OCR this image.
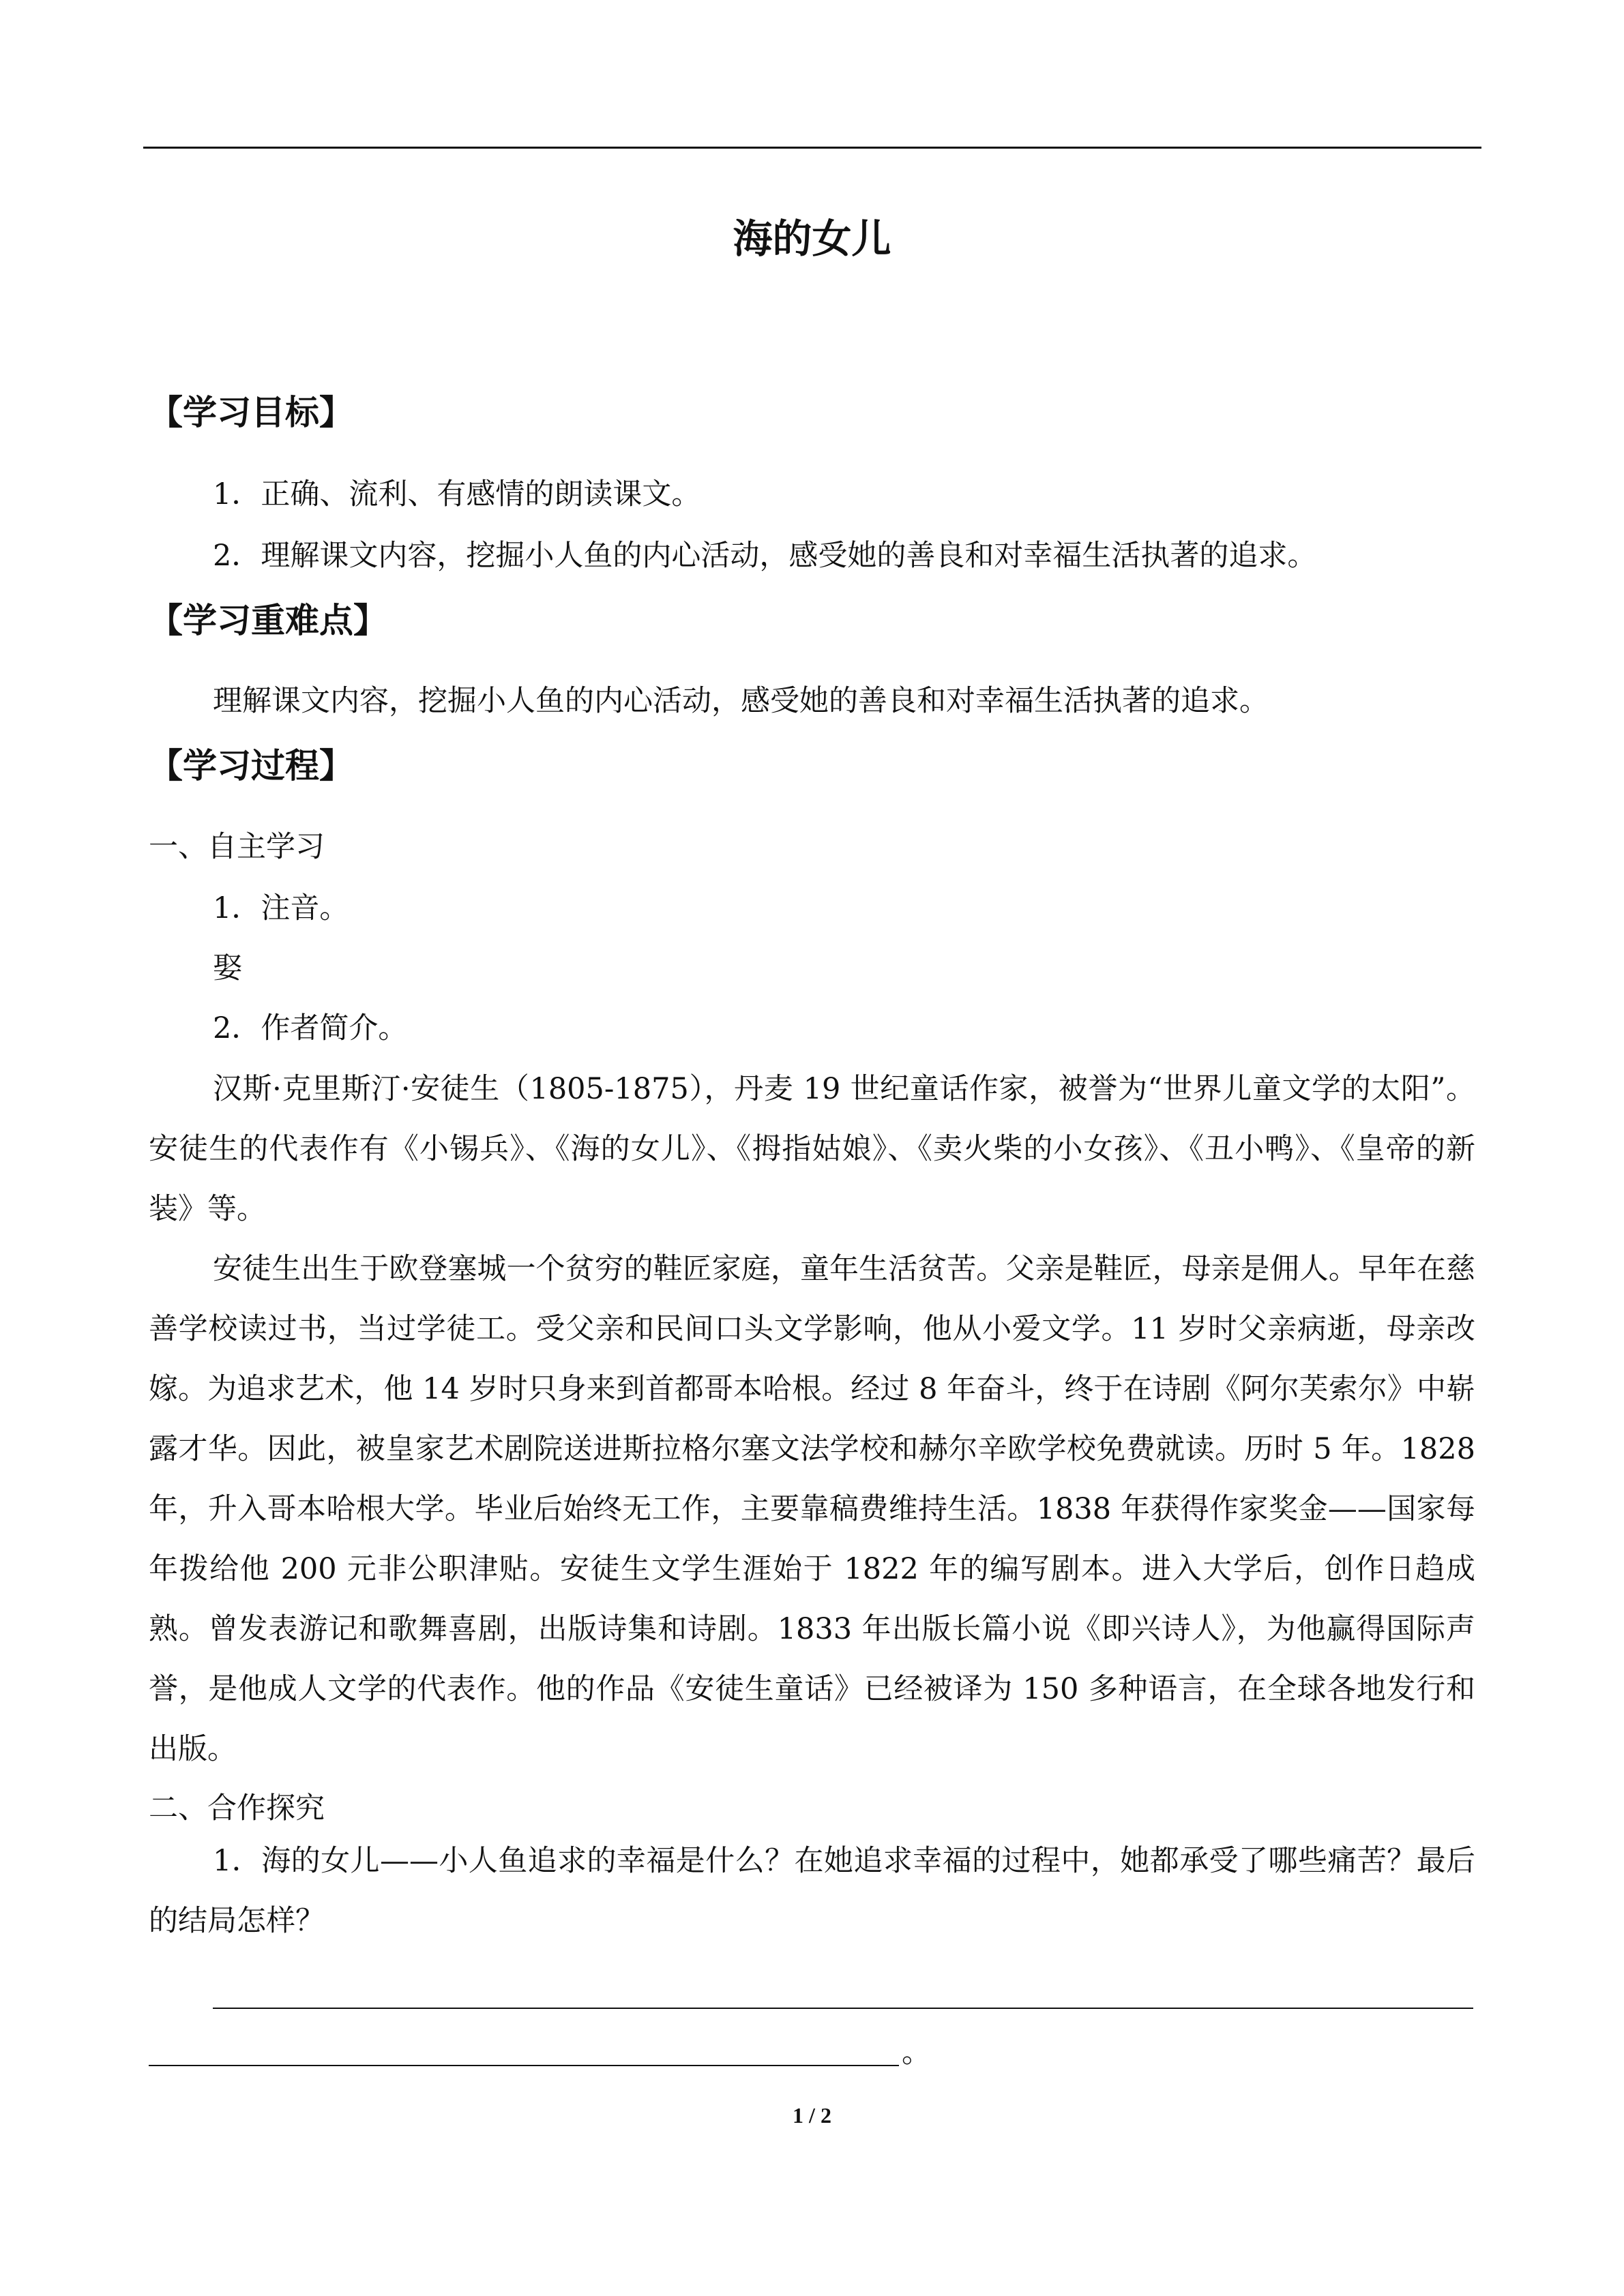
海的女儿
【学习目标】
1．正确、流利、有感情的朗读课文。
2．理解课文内容，挖掘小人鱼的内心活动，感受她的善良和对幸福生活执著的追求。
【学习重难点】
理解课文内容，挖掘小人鱼的内心活动，感受她的善良和对幸福生活执著的追求。
【学习过程】
一、自主学习
1．注音。
娶
2．作者简介。
汉斯·克里斯汀·安徒生（1805-1875），丹麦 19 世纪童话作家，被誉为“世界儿童文学的太阳”。安徒生的代表作有《小锡兵》、《海的女儿》、《拇指姑娘》、《卖火柴的小女孩》、《丑小鸭》、《皇帝的新装》等。
安徒生出生于欧登塞城一个贫穷的鞋匠家庭，童年生活贫苦。父亲是鞋匠，母亲是佣人。早年在慈善学校读过书，当过学徒工。受父亲和民间口头文学影响，他从小爱文学。11 岁时父亲病逝，母亲改嫁。为追求艺术，他 14 岁时只身来到首都哥本哈根。经过 8 年奋斗，终于在诗剧《阿尔芙索尔》中崭露才华。因此，被皇家艺术剧院送进斯拉格尔塞文法学校和赫尔辛欧学校免费就读。历时 5 年。1828 年，升入哥本哈根大学。毕业后始终无工作，主要靠稿费维持生活。1838 年获得作家奖金——国家每年拨给他 200 元非公职津贴。安徒生文学生涯始于 1822 年的编写剧本。进入大学后，创作日趋成熟。曾发表游记和歌舞喜剧，出版诗集和诗剧。1833 年出版长篇小说《即兴诗人》，为他赢得国际声誉，是他成人文学的代表作。他的作品《安徒生童话》已经被译为 150 多种语言，在全球各地发行和出版。
二、合作探究
1．海的女儿——小人鱼追求的幸福是什么？在她追求幸福的过程中，她都承受了哪些痛苦？最后的结局怎样？
。
1 / 2
